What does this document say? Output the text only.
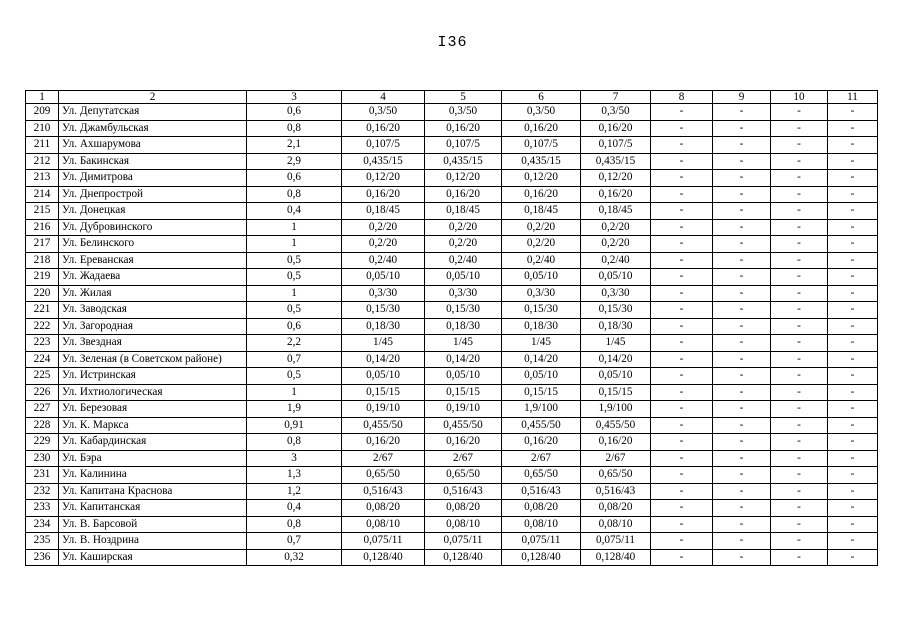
I36
1	2	3	4	5	6	7	8	9	10	11
209	Ул. Депутатская	0,6	0,3/50	0,3/50	0,3/50	0,3/50	-	-	-	-
210	Ул. Джамбульская	0,8	0,16/20	0,16/20	0,16/20	0,16/20	-	-	-	-
211	Ул. Ахшарумова	2,1	0,107/5	0,107/5	0,107/5	0,107/5	-	-	-	-
212	Ул. Бакинская	2,9	0,435/15	0,435/15	0,435/15	0,435/15	-	-	-	-
213	Ул. Димитрова	0,6	0,12/20	0,12/20	0,12/20	0,12/20	-	-	-	-
214	Ул. Днепрострой	0,8	0,16/20	0,16/20	0,16/20	0,16/20	-	-	-	-
215	Ул. Донецкая	0,4	0,18/45	0,18/45	0,18/45	0,18/45	-	-	-	-
216	Ул. Дубровинского	1	0,2/20	0,2/20	0,2/20	0,2/20	-	-	-	-
217	Ул. Белинского	1	0,2/20	0,2/20	0,2/20	0,2/20	-	-	-	-
218	Ул. Ереванская	0,5	0,2/40	0,2/40	0,2/40	0,2/40	-	-	-	-
219	Ул. Жадаева	0,5	0,05/10	0,05/10	0,05/10	0,05/10	-	-	-	-
220	Ул. Жилая	1	0,3/30	0,3/30	0,3/30	0,3/30	-	-	-	-
221	Ул. Заводская	0,5	0,15/30	0,15/30	0,15/30	0,15/30	-	-	-	-
222	Ул. Загородная	0,6	0,18/30	0,18/30	0,18/30	0,18/30	-	-	-	-
223	Ул. Звездная	2,2	1/45	1/45	1/45	1/45	-	-	-	-
224	Ул. Зеленая (в Советском районе)	0,7	0,14/20	0,14/20	0,14/20	0,14/20	-	-	-	-
225	Ул. Истринская	0,5	0,05/10	0,05/10	0,05/10	0,05/10	-	-	-	-
226	Ул. Ихтиологическая	1	0,15/15	0,15/15	0,15/15	0,15/15	-	-	-	-
227	Ул. Березовая	1,9	0,19/10	0,19/10	1,9/100	1,9/100	-	-	-	-
228	Ул. К. Маркса	0,91	0,455/50	0,455/50	0,455/50	0,455/50	-	-	-	-
229	Ул. Кабардинская	0,8	0,16/20	0,16/20	0,16/20	0,16/20	-	-	-	-
230	Ул. Бэра	3	2/67	2/67	2/67	2/67	-	-	-	-
231	Ул. Калинина	1,3	0,65/50	0,65/50	0,65/50	0,65/50	-	-	-	-
232	Ул. Капитана Краснова	1,2	0,516/43	0,516/43	0,516/43	0,516/43	-	-	-	-
233	Ул. Капитанская	0,4	0,08/20	0,08/20	0,08/20	0,08/20	-	-	-	-
234	Ул. В. Барсовой	0,8	0,08/10	0,08/10	0,08/10	0,08/10	-	-	-	-
235	Ул. В. Ноздрина	0,7	0,075/11	0,075/11	0,075/11	0,075/11	-	-	-	-
236	Ул. Каширская	0,32	0,128/40	0,128/40	0,128/40	0,128/40	-	-	-	-
